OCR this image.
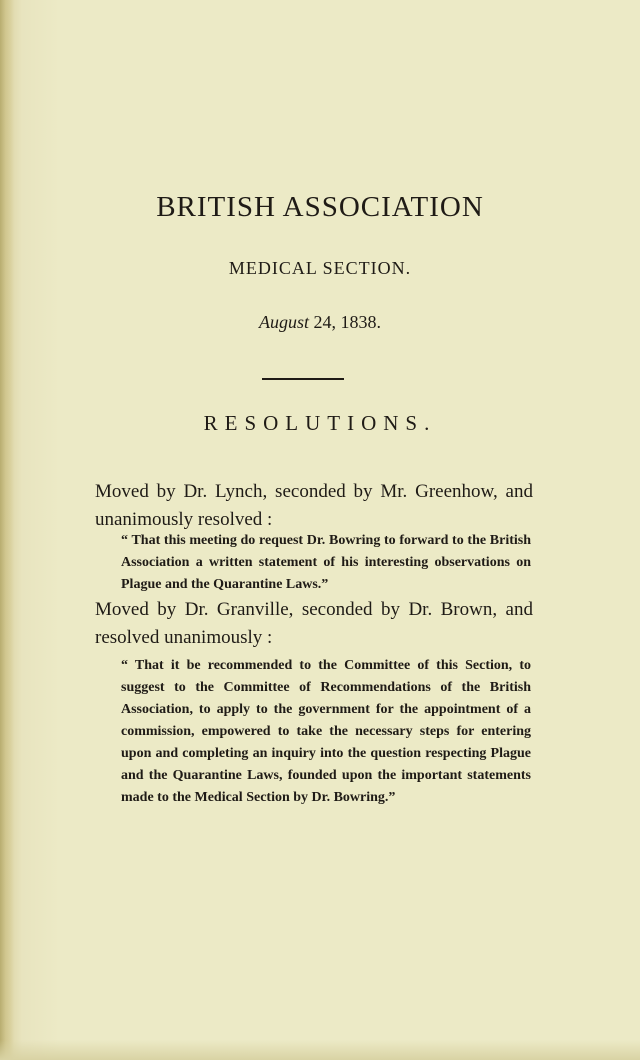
BRITISH ASSOCIATION
MEDICAL SECTION.
August 24, 1838.
RESOLUTIONS.
Moved by Dr. Lynch, seconded by Mr. Greenhow, and unanimously resolved :
“ That this meeting do request Dr. Bowring to forward to the British Association a written statement of his interesting observations on Plague and the Quarantine Laws.”
Moved by Dr. Granville, seconded by Dr. Brown, and resolved unanimously :
“ That it be recommended to the Committee of this Section, to suggest to the Committee of Recommendations of the British Association, to apply to the government for the appointment of a commission, empowered to take the necessary steps for entering upon and completing an inquiry into the question respecting Plague and the Quarantine Laws, founded upon the important statements made to the Medical Section by Dr. Bowring.”
